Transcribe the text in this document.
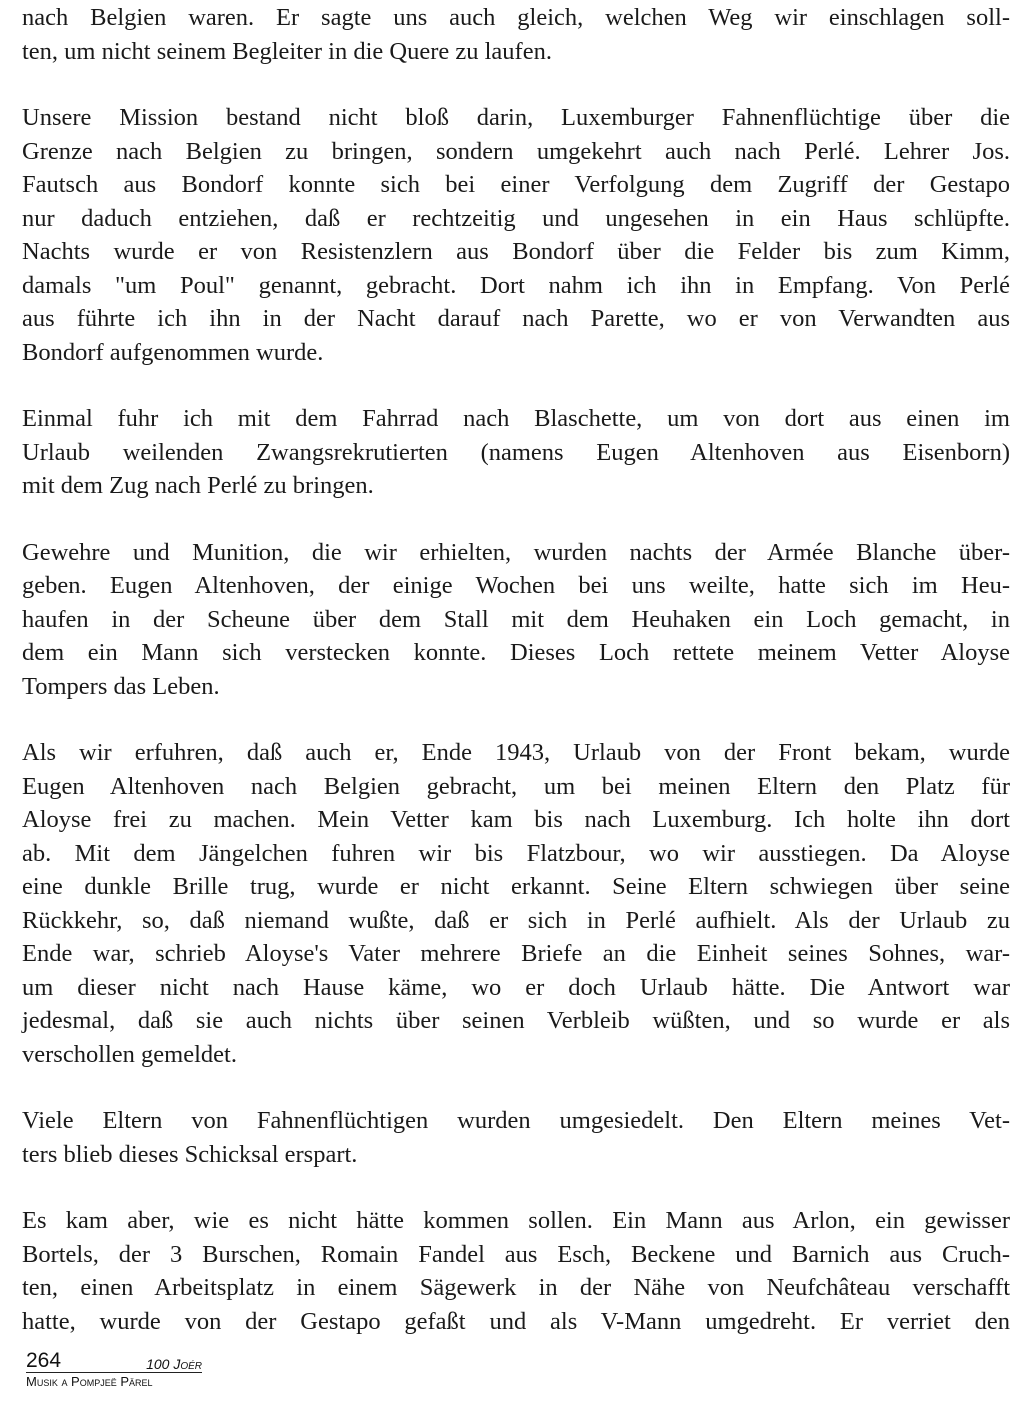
nach Belgien waren. Er sagte uns auch gleich, welchen Weg wir einschlagen soll-
ten, um nicht seinem Begleiter in die Quere zu laufen.
Unsere Mission bestand nicht bloß darin, Luxemburger Fahnenflüchtige über die
Grenze nach Belgien zu bringen, sondern umgekehrt auch nach Perlé. Lehrer Jos.
Fautsch aus Bondorf konnte sich bei einer Verfolgung dem Zugriff der Gestapo
nur daduch entziehen, daß er rechtzeitig und ungesehen in ein Haus schlüpfte.
Nachts wurde er von Resistenzlern aus Bondorf über die Felder bis zum Kimm,
damals "um Poul" genannt, gebracht. Dort nahm ich ihn in Empfang. Von Perlé
aus führte ich ihn in der Nacht darauf nach Parette, wo er von Verwandten aus
Bondorf aufgenommen wurde.
Einmal fuhr ich mit dem Fahrrad nach Blaschette, um von dort aus einen im
Urlaub weilenden Zwangsrekrutierten (namens Eugen Altenhoven aus Eisenborn)
mit dem Zug nach Perlé zu bringen.
Gewehre und Munition, die wir erhielten, wurden nachts der Armée Blanche über-
geben. Eugen Altenhoven, der einige Wochen bei uns weilte, hatte sich im Heu-
haufen in der Scheune über dem Stall mit dem Heuhaken ein Loch gemacht, in
dem ein Mann sich verstecken konnte. Dieses Loch rettete meinem Vetter Aloyse
Tompers das Leben.
Als wir erfuhren, daß auch er, Ende 1943, Urlaub von der Front bekam, wurde
Eugen Altenhoven nach Belgien gebracht, um bei meinen Eltern den Platz für
Aloyse frei zu machen. Mein Vetter kam bis nach Luxemburg. Ich holte ihn dort
ab. Mit dem Jängelchen fuhren wir bis Flatzbour, wo wir ausstiegen. Da Aloyse
eine dunkle Brille trug, wurde er nicht erkannt. Seine Eltern schwiegen über seine
Rückkehr, so, daß niemand wußte, daß er sich in Perlé aufhielt. Als der Urlaub zu
Ende war, schrieb Aloyse's Vater mehrere Briefe an die Einheit seines Sohnes, war-
um dieser nicht nach Hause käme, wo er doch Urlaub hätte. Die Antwort war
jedesmal, daß sie auch nichts über seinen Verbleib wüßten, und so wurde er als
verschollen gemeldet.
Viele Eltern von Fahnenflüchtigen wurden umgesiedelt. Den Eltern meines Vet-
ters blieb dieses Schicksal erspart.
Es kam aber, wie es nicht hätte kommen sollen. Ein Mann aus Arlon, ein gewisser
Bortels, der 3 Burschen, Romain Fandel aus Esch, Beckene und Barnich aus Cruch-
ten, einen Arbeitsplatz in einem Sägewerk in der Nähe von Neufchâteau verschafft
hatte, wurde von der Gestapo gefaßt und als V-Mann umgedreht. Er verriet den
264	100 Joér
Musik a Pompjeë Pärel
